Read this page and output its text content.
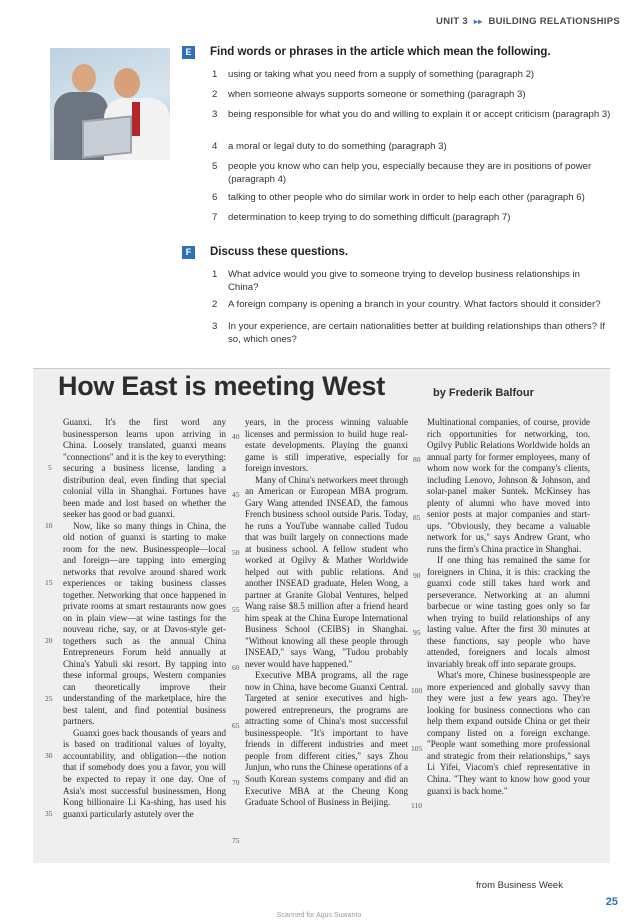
UNIT 3 ▸▸ BUILDING RELATIONSHIPS
E	Find words or phrases in the article which mean the following.
1	using or taking what you need from a supply of something (paragraph 2)
2	when someone always supports someone or something (paragraph 3)
3	being responsible for what you do and willing to explain it or accept criticism (paragraph 3)
4	a moral or legal duty to do something (paragraph 3)
5	people you know who can help you, especially because they are in positions of power (paragraph 4)
6	talking to other people who do similar work in order to help each other (paragraph 6)
7	determination to keep trying to do something difficult (paragraph 7)
F	Discuss these questions.
1	What advice would you give to someone trying to develop business relationships in China?
2	A foreign company is opening a branch in your country. What factors should it consider?
3	In your experience, are certain nationalities better at building relationships than others? If so, which ones?
How East is meeting West	by Frederik Balfour

Guanxi. It's the first word any businessperson learns upon arriving in China. Loosely translated, guanxi means "connections" and it is the key to everything: securing a business license, landing a distribution deal, even finding that special colonial villa in Shanghai. Fortunes have been made and lost based on whether the seeker has good or bad guanxi.

Now, like so many things in China, the old notion of guanxi is starting to make room for the new. Businesspeople—local and foreign—are tapping into emerging networks that revolve around shared work experiences or taking business classes together. Networking that once happened in private rooms at smart restaurants now goes on in plain view—at wine tastings for the nouveau riche, say, or at Davos-style get-togethers such as the annual China Entrepreneurs Forum held annually at China's Yabuli ski resort. By tapping into these informal groups, Western companies can theoretically improve their understanding of the marketplace, hire the best talent, and find potential business partners.

Guanxi goes back thousands of years and is based on traditional values of loyalty, accountability, and obligation—the notion that if somebody does you a favor, you will be expected to repay it one day. One of Asia's most successful businessmen, Hong Kong billionaire Li Ka-shing, has used his guanxi particularly astutely over the

years, in the process winning valuable licenses and permission to build huge real-estate developments. Playing the guanxi game is still imperative, especially for foreign investors.

Many of China's networkers meet through an American or European MBA program. Gary Wang attended INSEAD, the famous French business school outside Paris. Today, he runs a YouTube wannabe called Tudou that was built largely on connections made at business school. A fellow student who worked at Ogilvy & Mather Worldwide helped out with public relations. And another INSEAD graduate, Helen Wong, a partner at Granite Global Ventures, helped Wang raise $8.5 million after a friend heard him speak at the China Europe International Business School (CEIBS) in Shanghai. "Without knowing all these people through INSEAD," says Wang, "Tudou probably never would have happened."

Executive MBA programs, all the rage now in China, have become Guanxi Central. Targeted at senior executives and high-powered entrepreneurs, the programs are attracting some of China's most successful businesspeople. "It's important to have friends in different industries and meet people from different cities," says Zhou Junjun, who runs the Chinese operations of a South Korean systems company and did an Executive MBA at the Cheung Kong Graduate School of Business in Beijing.

Multinational companies, of course, provide rich opportunities for networking, too. Ogilvy Public Relations Worldwide holds an annual party for former employees, many of whom now work for the company's clients, including Lenovo, Johnson & Johnson, and solar-panel maker Suntek. McKinsey has plenty of alumni who have moved into senior posts at major companies and start-ups. "Obviously, they became a valuable network for us," says Andrew Grant, who runs the firm's China practice in Shanghai.

If one thing has remained the same for foreigners in China, it is this: cracking the guanxi code still takes hard work and perseverance. Networking at an alumni barbecue or wine tasting goes only so far when trying to build relationships of any lasting value. After the first 30 minutes at these functions, say people who have attended, foreigners and locals almost invariably break off into separate groups.

What's more, Chinese businesspeople are more experienced and globally savvy than they were just a few years ago. They're looking for business connections who can help them expand outside China or get their company listed on a foreign exchange. "People want something more professional and strategic from their relationships," says Li Yifei, Viacom's chief representative in China. "They want to know how good your guanxi is back home."

5
10
15
20
25
30
35
40
45
50
55
60
65
70
75
80
85
90
95
100
105
110
from Business Week
25
Scanned for Agus Suwanto
